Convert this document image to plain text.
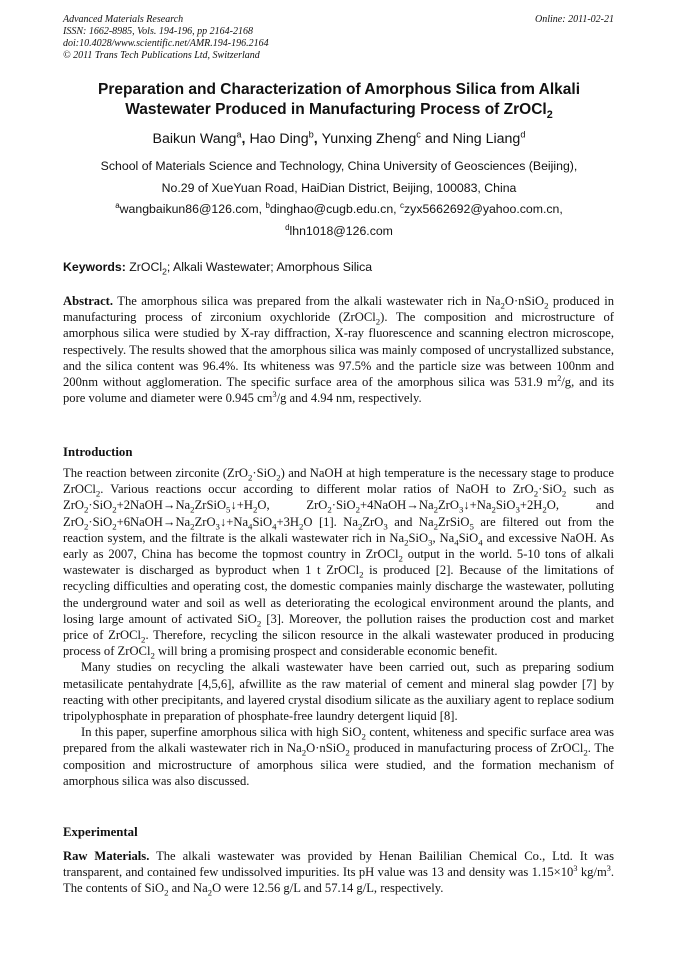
Advanced Materials Research
ISSN: 1662-8985, Vols. 194-196, pp 2164-2168
doi:10.4028/www.scientific.net/AMR.194-196.2164
© 2011 Trans Tech Publications Ltd, Switzerland
Online: 2011-02-21
Preparation and Characterization of Amorphous Silica from Alkali
Wastewater Produced in Manufacturing Process of ZrOCl$_2$
Baikun Wang$^a$, Hao Ding$^b$, Yunxing Zheng$^c$ and Ning Liang$^d$
School of Materials Science and Technology, China University of Geosciences (Beijing),
No.29 of XueYuan Road, HaiDian District, Beijing, 100083, China
$^a$wangbaikun86@126.com, $^b$dinghao@cugb.edu.cn, $^c$zyx5662692@yahoo.com.cn,
$^d$lhn1018@126.com
Keywords: ZrOCl$_2$; Alkali Wastewater; Amorphous Silica
Abstract. The amorphous silica was prepared from the alkali wastewater rich in $Na_2O\cdot nSiO_2$ produced in manufacturing process of zirconium oxychloride (ZrOCl$_2$). The composition and microstructure of amorphous silica were studied by X-ray diffraction, X-ray fluorescence and scanning electron microscope, respectively. The results showed that the amorphous silica was mainly composed of uncrystallized substance, and the silica content was 96.4%. Its whiteness was 97.5% and the particle size was between 100nm and 200nm without agglomeration. The specific surface area of the amorphous silica was 531.9 $m^2/g$, and its pore volume and diameter were 0.945 $cm^3/g$ and 4.94 nm, respectively.
Introduction

The reaction between zirconite (ZrO$_2$·SiO$_2$) and NaOH at high temperature is the necessary stage to produce ZrOCl$_2$. Various reactions occur according to different molar ratios of NaOH to ZrO$_2$·SiO$_2$ such as $ZrO_2\cdot SiO_2+2NaOH\to Na_2ZrSiO_5↓+H_2O$, $ZrO_2\cdot SiO_2+4NaOH\to Na_2ZrO_3↓+Na_2SiO_3+2H_2O$, and $ZrO_2\cdot SiO_2+6NaOH\to Na_2ZrO_3↓+Na_4SiO_4+3H_2O$ [1]. $Na_2ZrO_3$ and $Na_2ZrSiO_5$ are filtered out from the reaction system, and the filtrate is the alkali wastewater rich in $Na_2SiO_3$, $Na_4SiO_4$ and excessive NaOH. As early as 2007, China has become the topmost country in ZrOCl$_2$ output in the world. 5-10 tons of alkali wastewater is discharged as byproduct when 1 t ZrOCl$_2$ is produced [2]. Because of the limitations of recycling difficulties and operating cost, the domestic companies mainly discharge the wastewater, polluting the underground water and soil as well as deteriorating the ecological environment around the plants, and losing large amount of activated SiO$_2$ [3]. Moreover, the pollution raises the production cost and market price of ZrOCl$_2$. Therefore, recycling the silicon resource in the alkali wastewater produced in producing process of ZrOCl$_2$ will bring a promising prospect and considerable economic benefit.

Many studies on recycling the alkali wastewater have been carried out, such as preparing sodium metasilicate pentahydrate [4,5,6], afwillite as the raw material of cement and mineral slag powder [7] by reacting with other precipitants, and layered crystal disodium silicate as the auxiliary agent to replace sodium tripolyphosphate in preparation of phosphate-free laundry detergent liquid [8].

In this paper, superfine amorphous silica with high SiO$_2$ content, whiteness and specific surface area was prepared from the alkali wastewater rich in $Na_2O\cdot nSiO_2$ produced in manufacturing process of ZrOCl$_2$. The composition and microstructure of amorphous silica were studied, and the formation mechanism of amorphous silica was also discussed.

Experimental
Raw Materials. The alkali wastewater was provided by Henan Baililian Chemical Co., Ltd. It was transparent, and contained few undissolved impurities. Its pH value was 13 and density was $1.15\times 10^3$ $kg/m^3$. The contents of SiO$_2$ and $Na_2O$ were 12.56 g/L and 57.14 g/L, respectively.
